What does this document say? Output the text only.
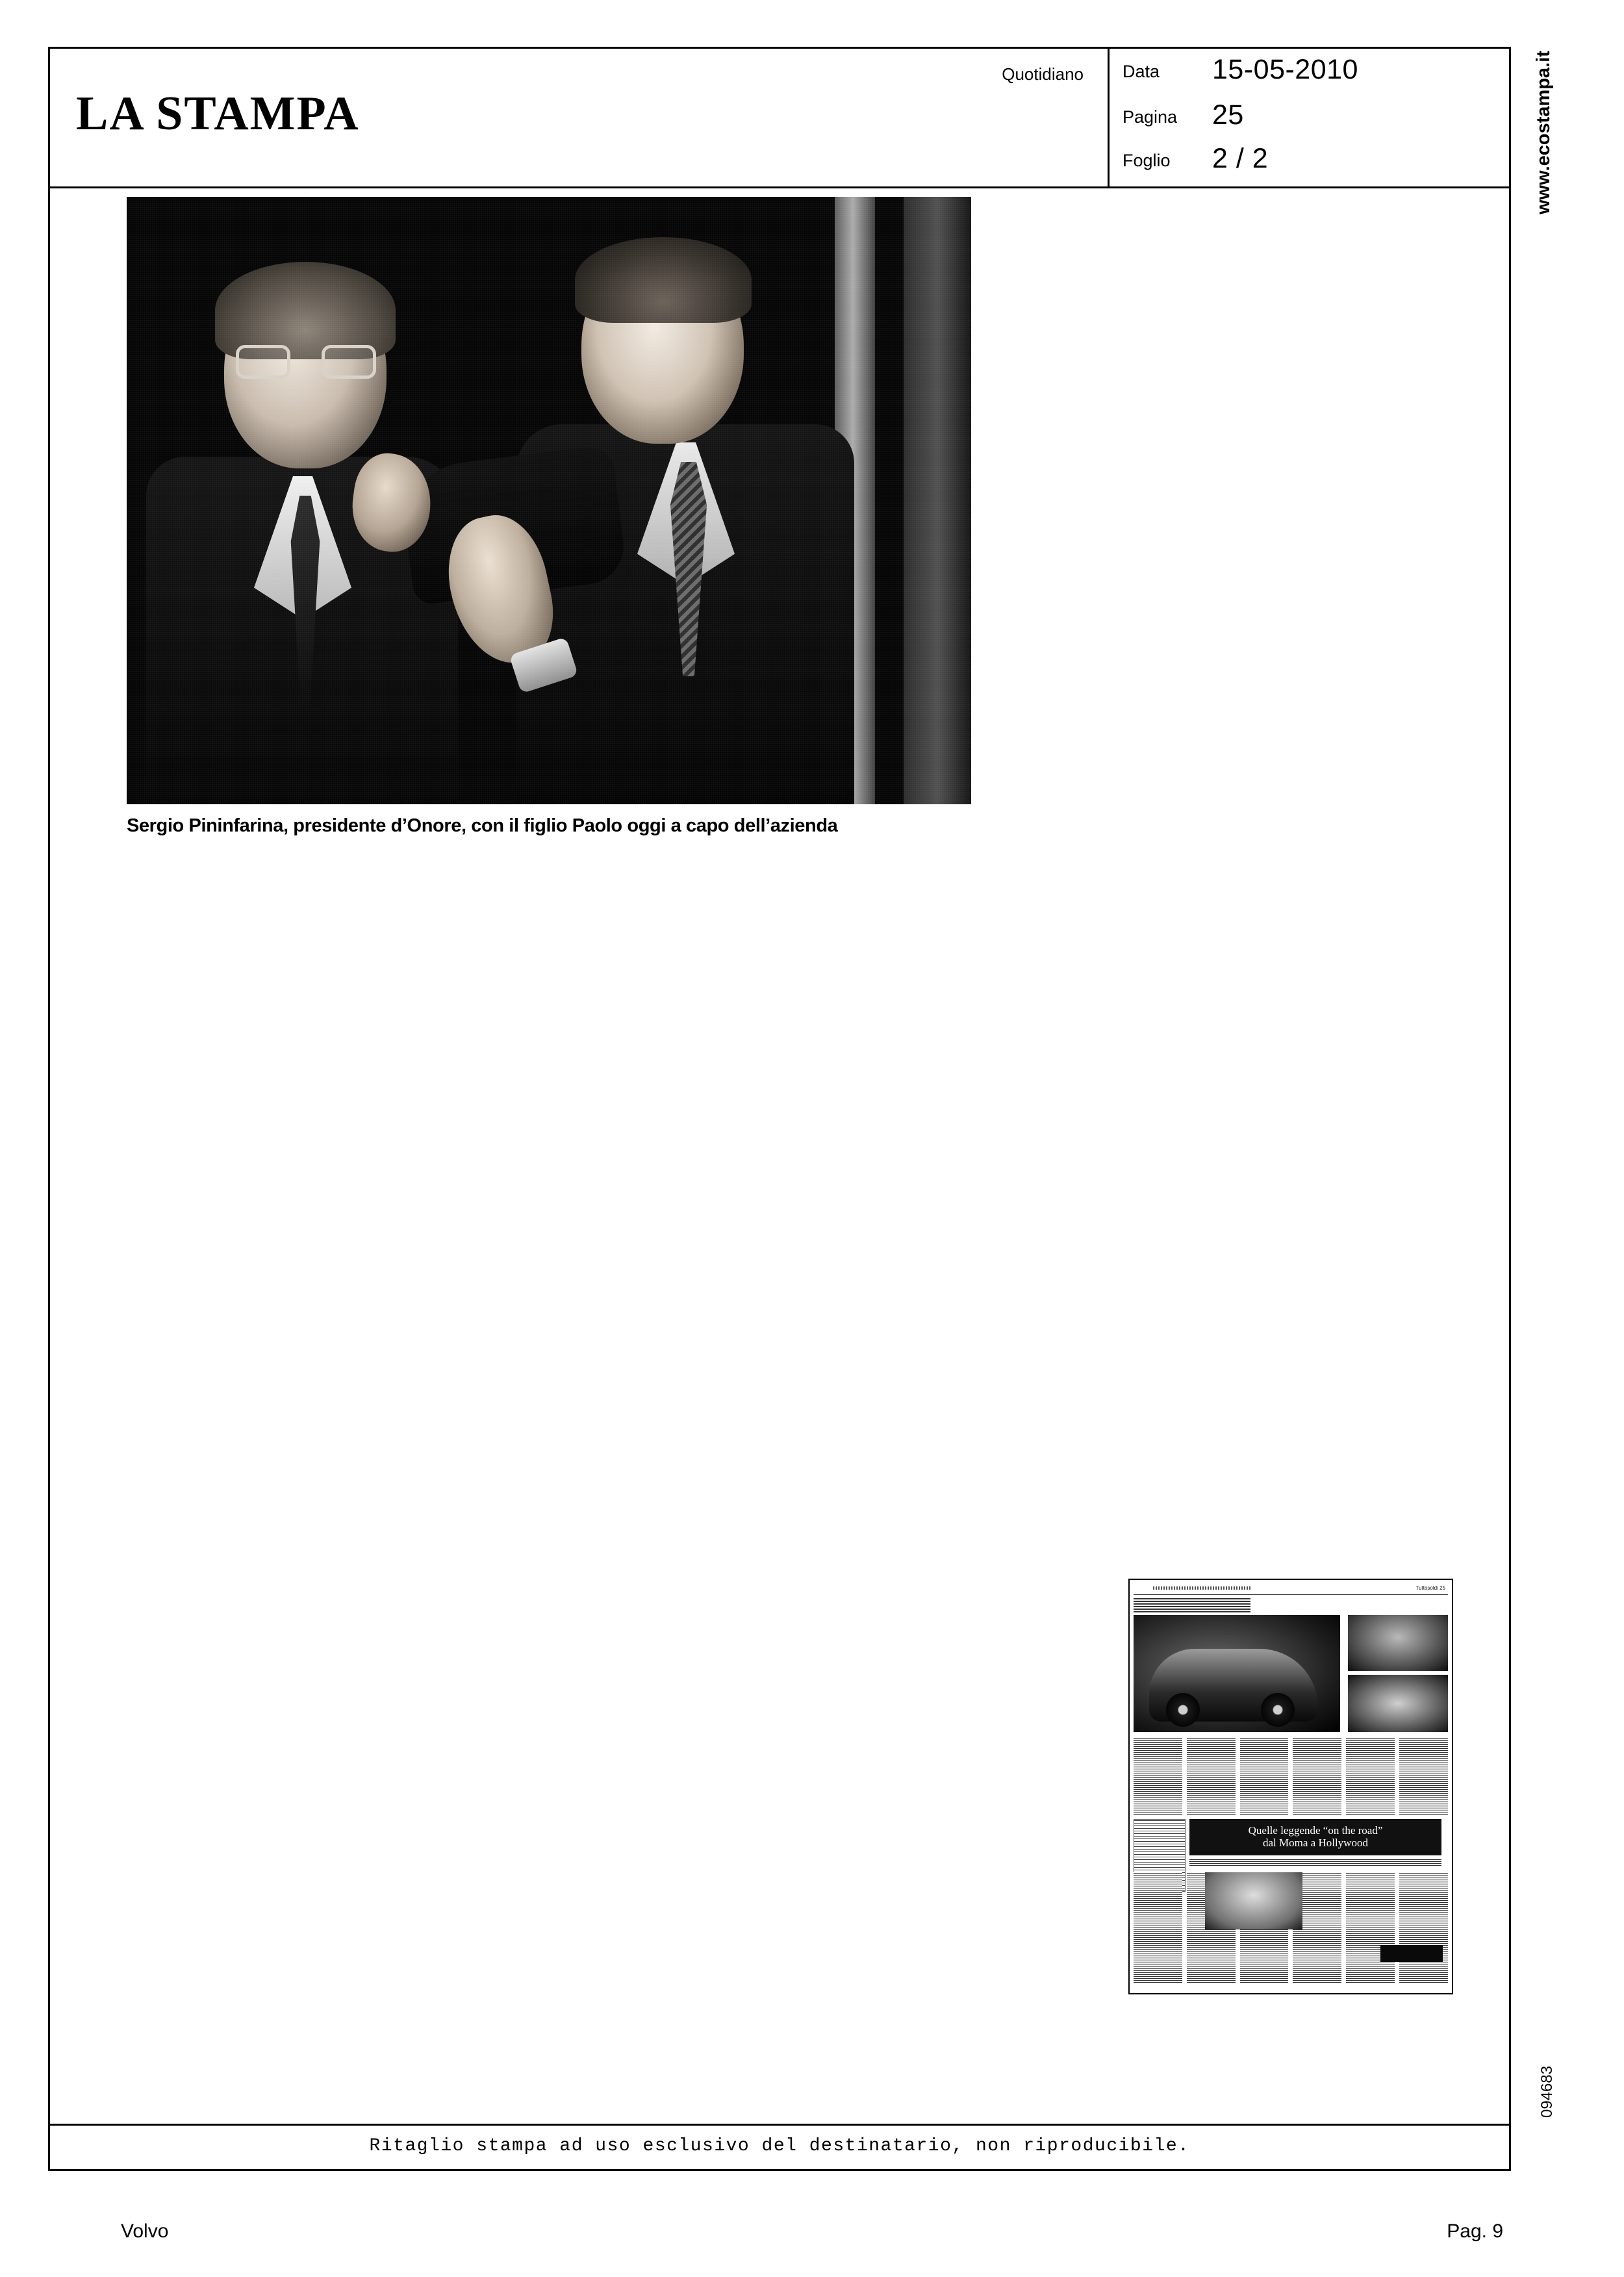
LA STAMPA
Quotidiano Data 15-05-2010
Pagina 25
Foglio 2 / 2
Sergio Pininfarina, presidente d’Onore, con il figlio Paolo oggi a capo dell’azienda
Tuttosoldi 25
Quelle leggende “on the road”
dal Moma a Hollywood
Ritaglio stampa ad uso esclusivo del destinatario, non riproducibile.
www.ecostampa.it
094683
Volvo	Pag. 9
